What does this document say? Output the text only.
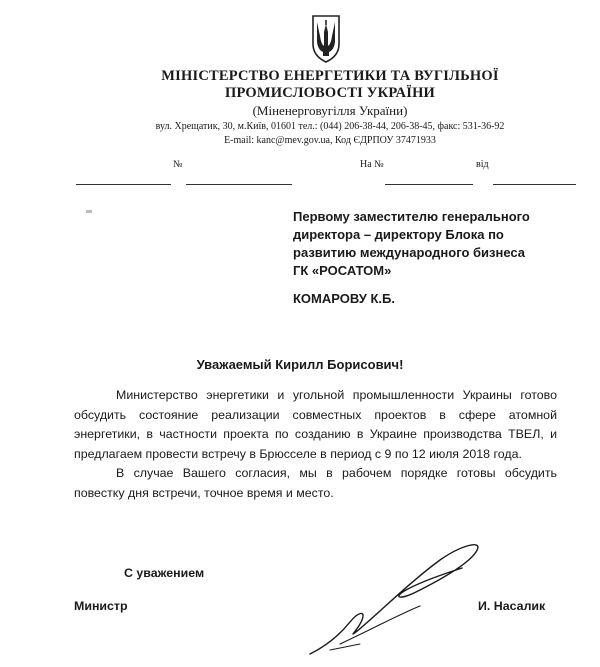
МІНІСТЕРСТВО ЕНЕРГЕТИКИ ТА ВУГІЛЬНОЇ
ПРОМИСЛОВОСТІ УКРАЇНИ
(Міненерговугілля України)
вул. Хрещатик, 30, м.Київ, 01601 тел.: (044) 206-38-44, 206-38-45, факс: 531-36-92
E-mail: kanc@mev.gov.ua, Код ЄДРПОУ 37471933
№	На №	від
Первому заместителю генерального
директора – директору Блока по
развитию международного бизнеса
ГК «РОСАТОМ»
КОМАРОВУ К.Б.
Уважаемый Кирилл Борисович!

Министерство энергетики и угольной промышленности Украины готово обсудить состояние реализации совместных проектов в сфере атомной энергетики, в частности проекта по созданию в Украине производства ТВЕЛ, и предлагаем провести встречу в Брюсселе в период с 9 по 12 июля 2018 года.

В случае Вашего согласия, мы в рабочем порядке готовы обсудить повестку дня встречи, точное время и место.

С уважением
Министр	И. Насалик
